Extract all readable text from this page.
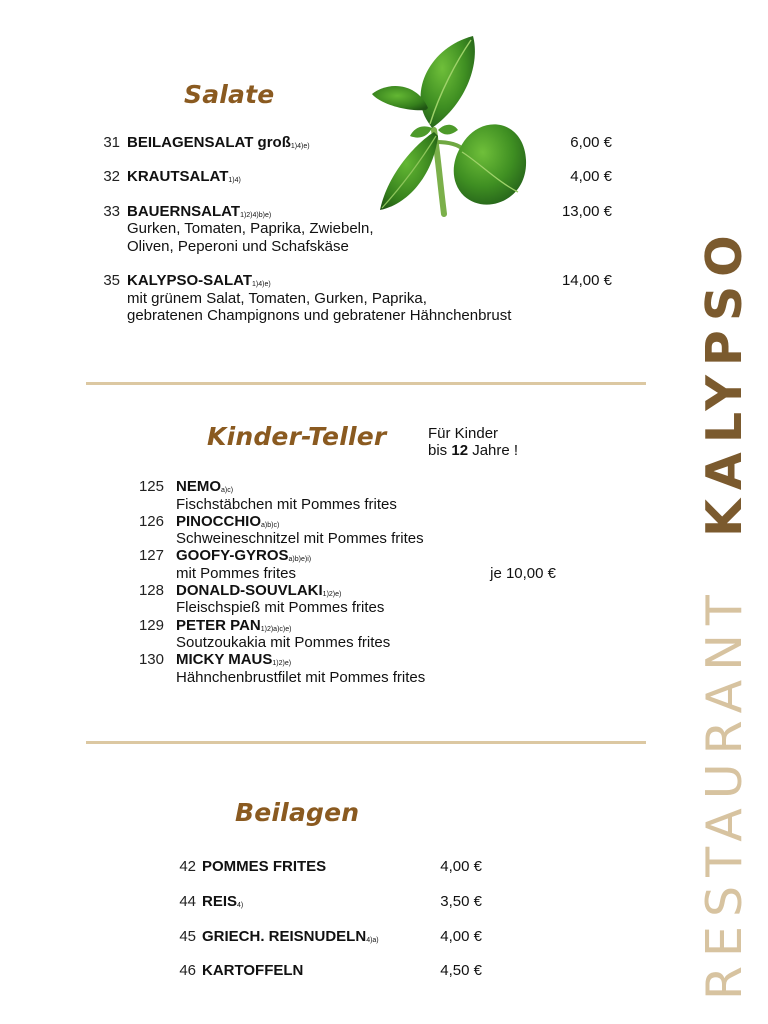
RESTAURANT  KALYPSO
Salate
31 BEILAGENSALAT groß$_{1)4)e)}$	6,00 €
32 $KRAUTSALAT_{1)4)}$	4,00 €
33 $BAUERNSALAT_{1)2)4)b)e)}$
Gurken, Tomaten, Paprika, Zwiebeln,
Oliven, Peperoni und Schafskäse
13,00 €
35 KALYPSO-$SALAT_{1)4)e)}$
mit grünem Salat, Tomaten, Gurken, Paprika,
gebratenen Champignons und gebratener Hähnchenbrust
14,00 €
Kinder-Teller	Für Kinder
bis 12 Jahre !
125 $NEMO_{a)c)}$
Fischstäbchen mit Pommes frites
126 $PINOCCHIO_{a)b)c)}$
Schweineschnitzel mit Pommes frites
127 GOOFY-$GYROS_{a)b)e)i)}$
mit Pommes frites	je 10,00 €
128 DONALD-$SOUVLAKI_{1)2)e)}$
Fleischspieß mit Pommes frites
129 PETER $PAN_{1)2)a)c)e)}$
Soutzoukakia mit Pommes frites
130 MICKY $MAUS_{1)2)e)}$
Hähnchenbrustfilet mit Pommes frites
Beilagen
42 POMMES FRITES	4,00 €
44 $REIS_{4)}$	3,50 €
45 GRIECH. $REISNUDELN_{4)a)}$	4,00 €
46 KARTOFFELN	4,50 €
